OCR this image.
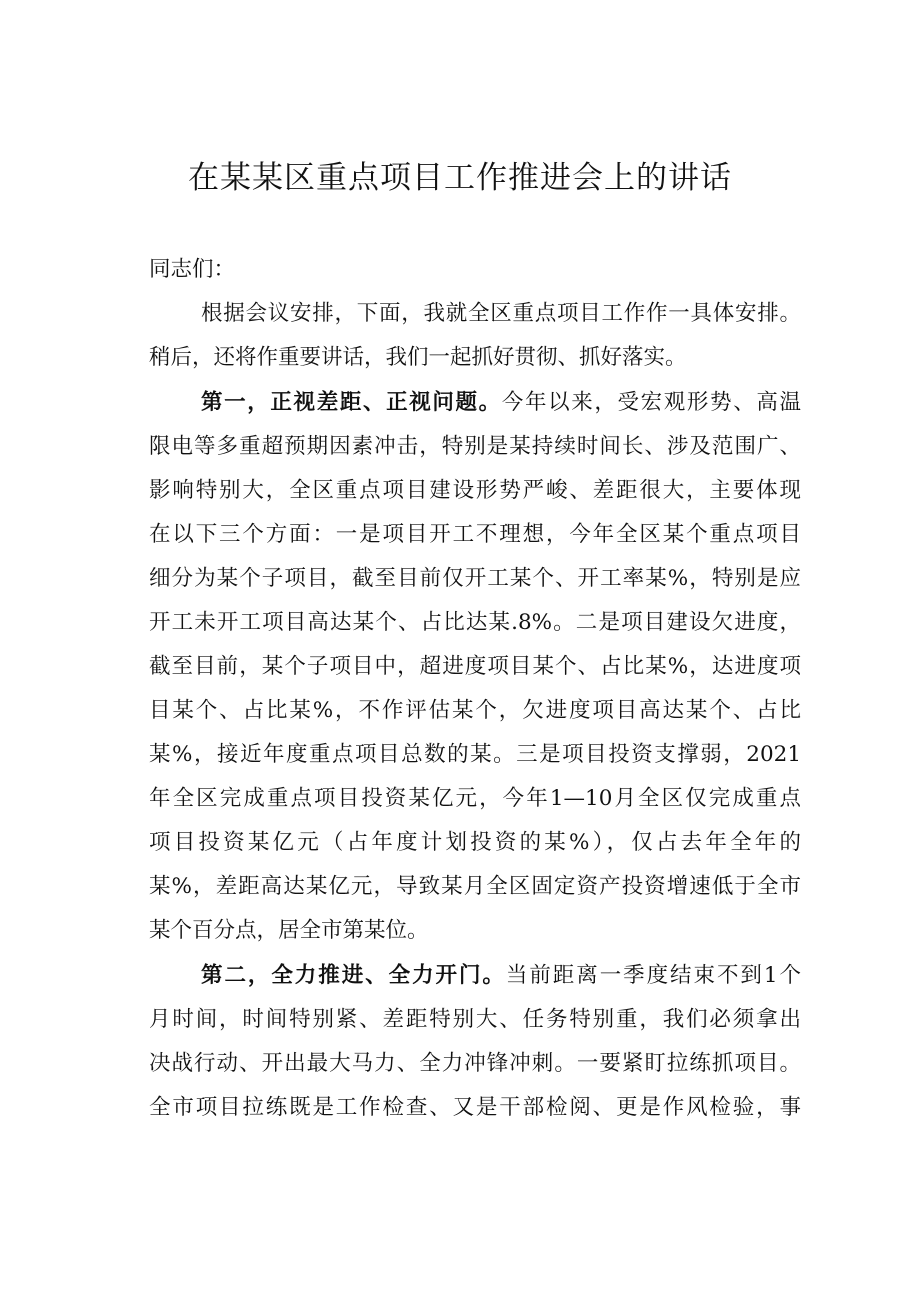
在某某区重点项目工作推进会上的讲话
同志们：
根据会议安排，下面，我就全区重点项目工作作一具体安排。
稍后，还将作重要讲话，我们一起抓好贯彻、抓好落实。
第一，正视差距、正视问题。今年以来，受宏观形势、高温
限电等多重超预期因素冲击，特别是某持续时间长、涉及范围广、
影响特别大，全区重点项目建设形势严峻、差距很大，主要体现
在以下三个方面：一是项目开工不理想，今年全区某个重点项目
细分为某个子项目，截至目前仅开工某个、开工率某%，特别是应
开工未开工项目高达某个、占比达某.8%。二是项目建设欠进度，
截至目前，某个子项目中，超进度项目某个、占比某%，达进度项
目某个、占比某%，不作评估某个，欠进度项目高达某个、占比
某%，接近年度重点项目总数的某。三是项目投资支撑弱，2021
年全区完成重点项目投资某亿元，今年1—10月全区仅完成重点
项目投资某亿元（占年度计划投资的某%），仅占去年全年的
某%，差距高达某亿元，导致某月全区固定资产投资增速低于全市
某个百分点，居全市第某位。
第二，全力推进、全力开门。当前距离一季度结束不到1个
月时间，时间特别紧、差距特别大、任务特别重，我们必须拿出
决战行动、开出最大马力、全力冲锋冲刺。一要紧盯拉练抓项目。
全市项目拉练既是工作检查、又是干部检阅、更是作风检验，事
